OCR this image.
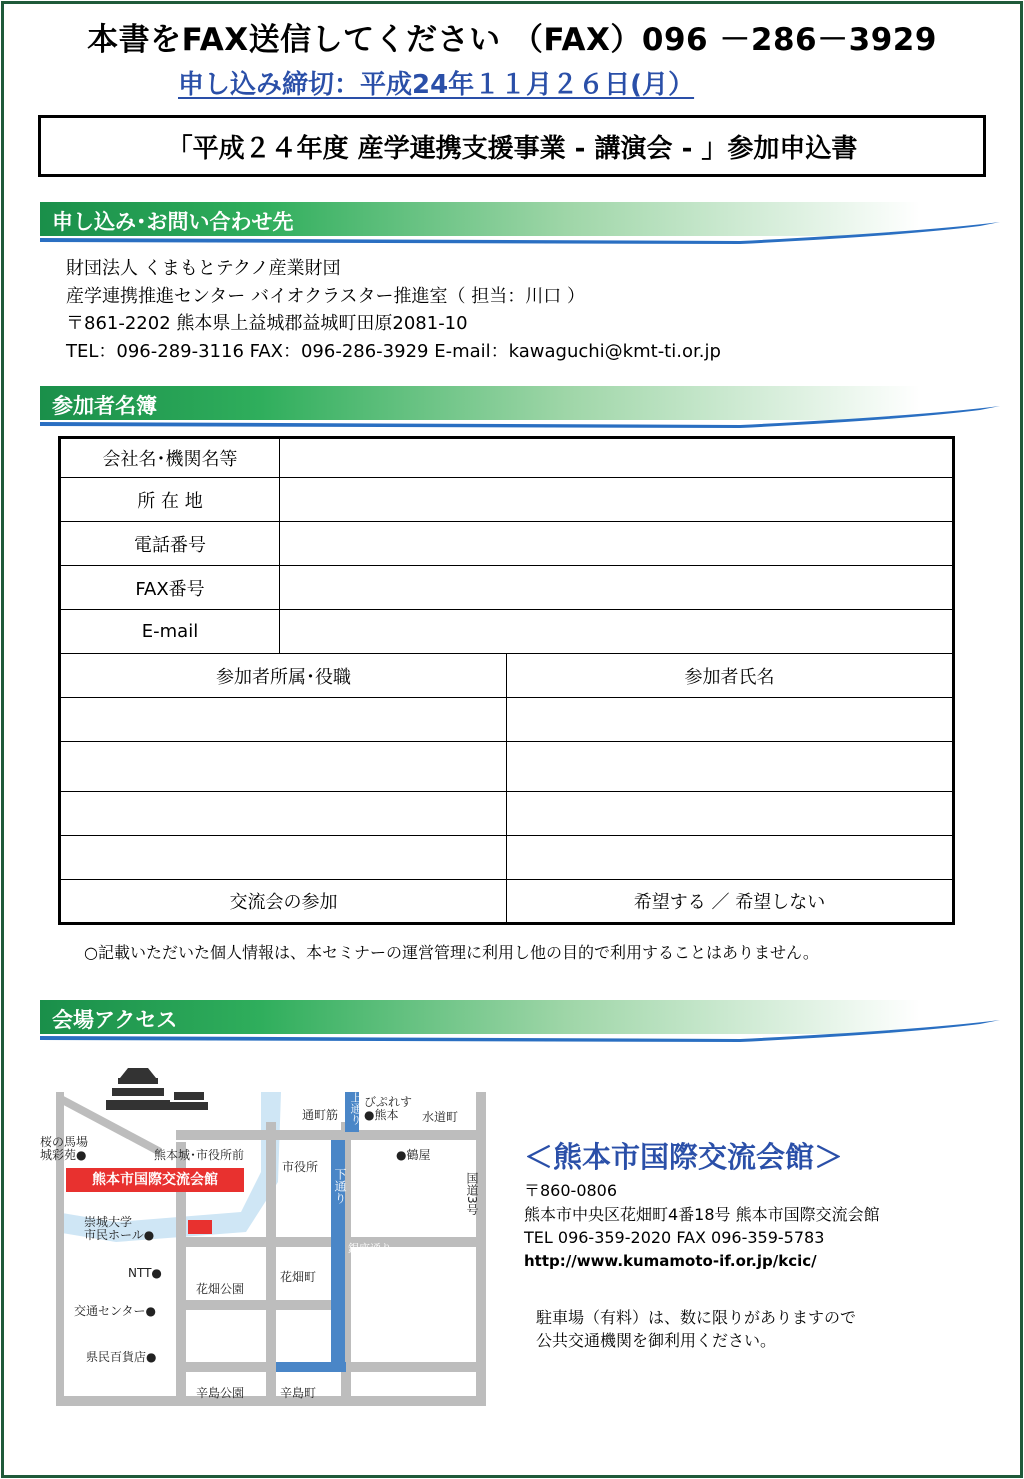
本書をFAX送信してください （FAX）096 －286－3929
申し込み締切：平成24年１１月２６日(月）
「平成２４年度 産学連携支援事業 - 講演会 - 」参加申込書
申し込み･お問い合わせ先
財団法人 くまもとテクノ産業財団
産学連携推進センター バイオクラスター推進室（ 担当：川口 ）
〒861-2202 熊本県上益城郡益城町田原2081-10
TEL：096-289-3116 FAX：096-286-3929 E-mail：kawaguchi@kmt-ti.or.jp
参加者名簿
会社名･機関名等		
所 在 地		
電話番号		
FAX番号		
E-mail		
参加者所属･役職		参加者氏名

交流会の参加		希望する ／ 希望しない
○記載いただいた個人情報は、本セミナーの運営管理に利用し他の目的で利用することはありません。
会場アクセス
熊本市国際交流会館
桜の馬場
城彩苑●	熊本城･市役所前
市役所
崇城大学
市民ホール●
NTT●
交通センター●
県民百貨店●
通町筋
びぷれす
●熊本	水道町
●鶴屋
上通り
下通り
銀座通り
国道3号
花畑公園
花畑町
辛島公園	辛島町
＜熊本市国際交流会館＞
〒860-0806
熊本市中央区花畑町4番18号 熊本市国際交流会館
TEL 096-359-2020 FAX 096-359-5783
http://www.kumamoto-if.or.jp/kcic/
駐車場（有料）は、数に限りがありますので
公共交通機関を御利用ください。
